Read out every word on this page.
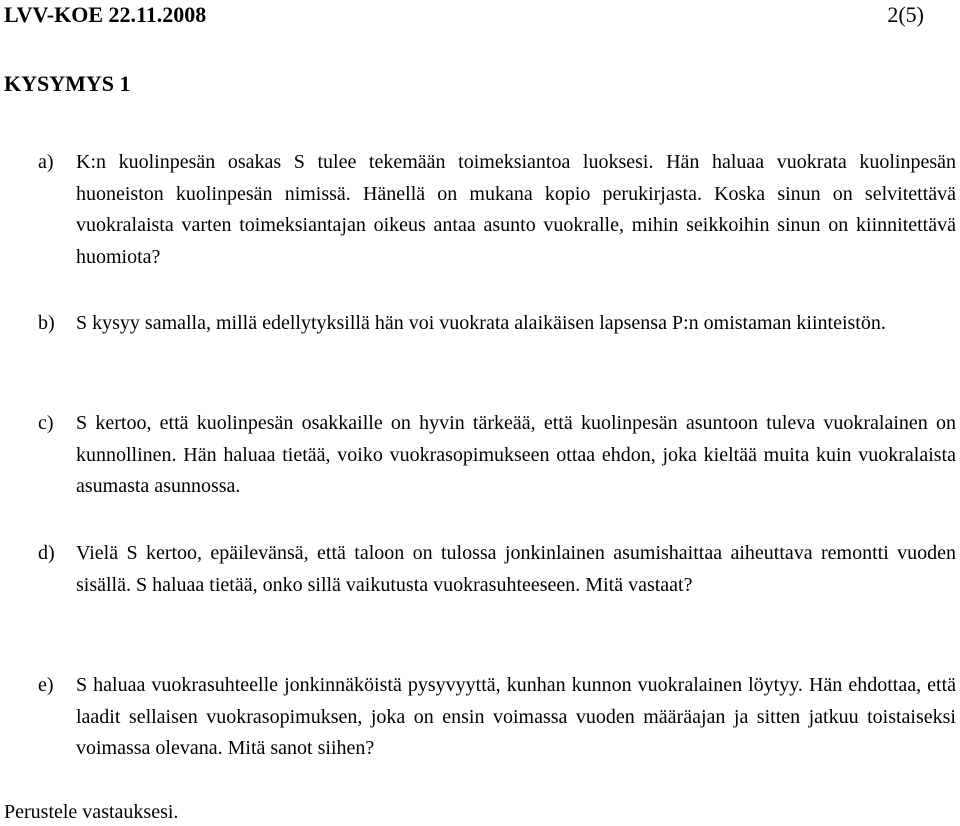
LVV-KOE 22.11.2008	2(5)
KYSYMYS 1
a)	K:n kuolinpesän osakas S tulee tekemään toimeksiantoa luoksesi. Hän haluaa vuokrata kuolinpesän huoneiston kuolinpesän nimissä. Hänellä on mukana kopio perukirjasta. Koska sinun on selvitettävä vuokralaista varten toimeksiantajan oikeus antaa asunto vuokralle, mihin seikkoihin sinun on kiinnitettävä huomiota?
b)	S kysyy samalla, millä edellytyksillä hän voi vuokrata alaikäisen lapsensa P:n omistaman kiinteistön.
c)	S kertoo, että kuolinpesän osakkaille on hyvin tärkeää, että kuolinpesän asuntoon tuleva vuokralainen on kunnollinen. Hän haluaa tietää, voiko vuokrasopimukseen ottaa ehdon, joka kieltää muita kuin vuokralaista asumasta asunnossa.
d)	Vielä S kertoo, epäilevänsä, että taloon on tulossa jonkinlainen asumishaittaa aiheuttava remontti vuoden sisällä. S haluaa tietää, onko sillä vaikutusta vuokrasuhteeseen. Mitä vastaat?
e)	S haluaa vuokrasuhteelle jonkinnäköistä pysyvyyttä, kunhan kunnon vuokralainen löytyy. Hän ehdottaa, että laadit sellaisen vuokrasopimuksen, joka on ensin voimassa vuoden määräajan ja sitten jatkuu toistaiseksi voimassa olevana. Mitä sanot siihen?
Perustele vastauksesi.
